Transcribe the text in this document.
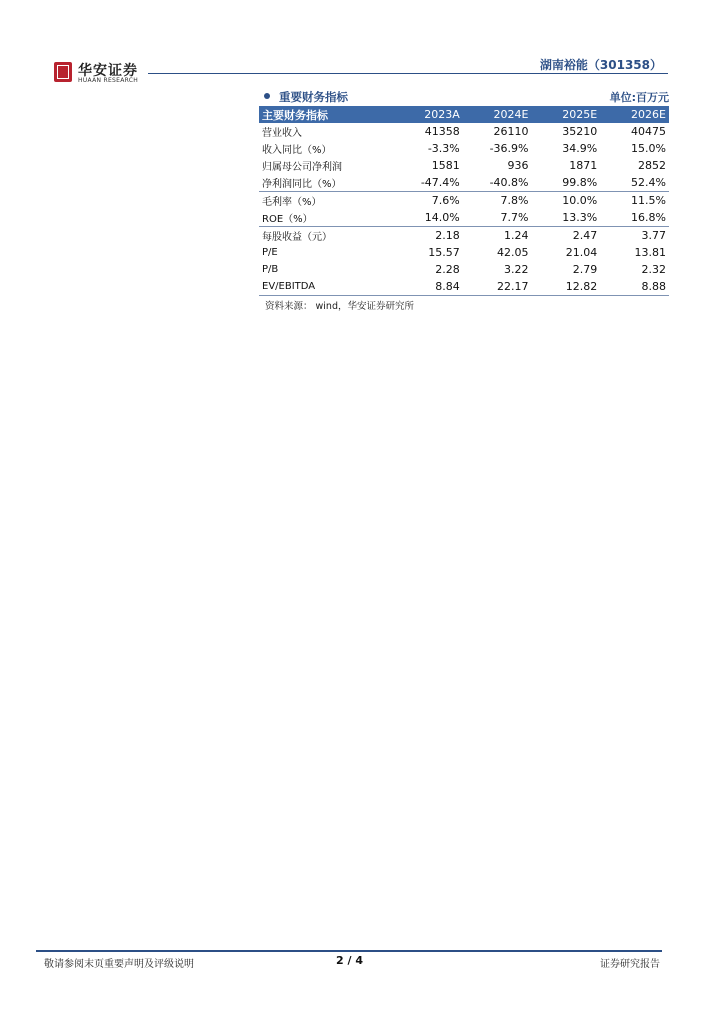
华安证券
HUAAN RESEARCH
湖南裕能（301358）
重要财务指标	单位:百万元
主要财务指标	2023A	2024E	2025E	2026E
营业收入	41358	26110	35210	40475
收入同比（%）	-3.3%	-36.9%	34.9%	15.0%
归属母公司净利润	1581	936	1871	2852
净利润同比（%）	-47.4%	-40.8%	99.8%	52.4%
毛利率（%）	7.6%	7.8%	10.0%	11.5%
ROE（%）	14.0%	7.7%	13.3%	16.8%
每股收益（元）	2.18	1.24	2.47	3.77
P/E	15.57	42.05	21.04	13.81
P/B	2.28	3.22	2.79	2.32
EV/EBITDA	8.84	22.17	12.82	8.88
资料来源： wind，华安证券研究所
敬请参阅末页重要声明及评级说明	2 / 4	证券研究报告
